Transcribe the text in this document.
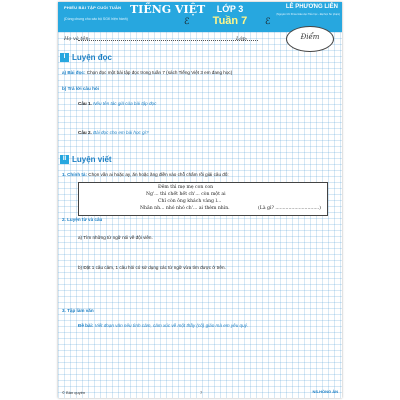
PHIẾU BÀI TẬP CUỐI TUẦN TIẾNG VIỆT
(Dùng chung cho các bộ SGK hiện hành)
LỚP 3
Tuần 7
LÊ PHƯƠNG LIÊN
(Nguyên GV Khoa Giáo dục Tiểu học - Đại học Sư phạm)
ℰ	ℰ
Họ và tên:	Lớp:	Điểm
I Luyện đọc
a) Bài đọc: Chọn đọc một bài tập đọc trong tuần 7 (sách Tiếng Việt 3 em đang học)
b) Trả lời câu hỏi
Câu 1. Nêu tên tác giả của bài tập đọc
Câu 2. Bài đọc cho em bài học gì?
II Luyện viết
1. Chính tả: Chọn vần ai hoặc ay, ăn hoặc ăng điền vào chỗ chấm rồi giải câu đố:
Đêm thì mẹ mẹ con con
Ng'... thì chết hết ch'... còn một ai
Chỉ còn ông khách vàng l...
Nhăn nh... nhó nhó ch'... ai thèm nhìn.	(Là gì? ..............................)
2. Luyện từ và câu
a) Tìm những từ ngữ nói về đội viên.
b) Đặt 1 câu cảm, 1 câu hỏi có sử dụng các từ ngữ vừa tìm được ở trên.
3. Tập làm văn
Đề bài: Viết đoạn văn nêu tình cảm, cảm xúc về một thầy (cô) giáo mà em yêu quý.
© Bản quyền	7	NS.HỒNG ÂN
